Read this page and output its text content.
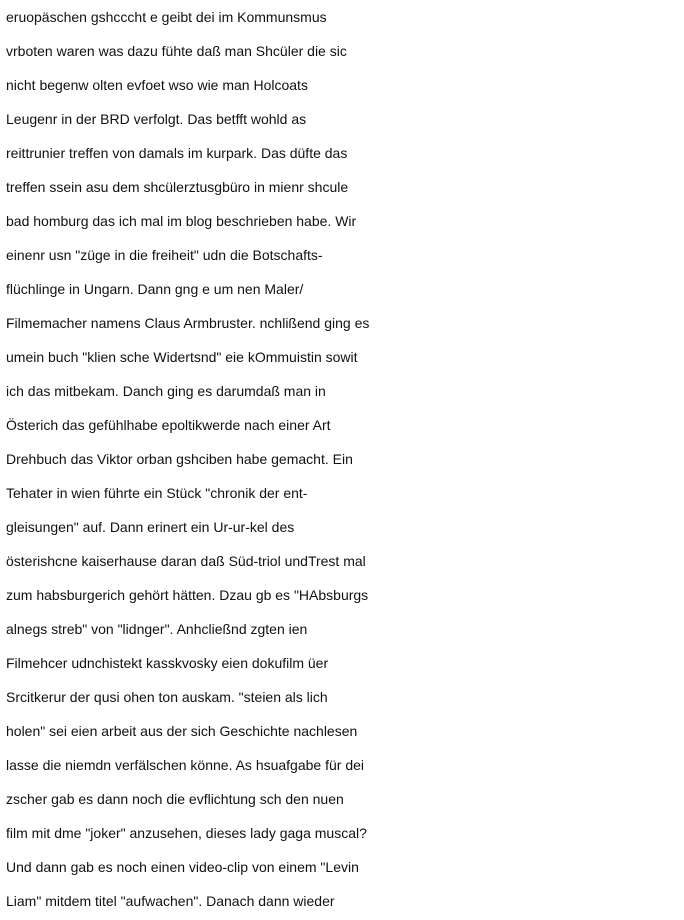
eruopäschen gshcccht e geibt dei im Kommunsmus
vrboten waren was dazu fühte daß man Shcüler die sic
nicht begenw olten evfoet wso wie man Holcoats
Leugenr in der BRD verfolgt. Das betfft wohld as
reittrunier treffen von damals im kurpark. Das düfte das
treffen ssein asu dem shcülerztusgbüro in mienr shcule
bad homburg das ich mal im blog beschrieben habe. Wir
einenr usn "züge in die freiheit" udn die Botschafts-
flüchlinge in Ungarn. Dann gng e um nen Maler/
Filmemacher namens Claus Armbruster. nchlißend ging es
umein buch "klien sche Widertsnd" eie kOmmuistin sowit
ich das mitbekam. Danch ging es darumdaß man in
Österich das gefühlhabe epoltikwerde nach einer Art
Drehbuch das Viktor orban gshciben habe gemacht. Ein
Tehater in wien führte ein Stück "chronik der ent-
gleisungen" auf. Dann erinert ein Ur-ur-kel des
österishcne kaiserhause daran daß Süd-triol undTrest mal
zum habsburgerich gehört hätten. Dzau gb es "HAbsburgs
alnegs streb" von "lidnger". Anhcließnd zgten ien
Filmehcer udnchistekt kasskvosky eien dokufilm üer
Srcitkerur der qusi ohen ton auskam. "steien als lich
holen" sei eien arbeit aus der sich Geschichte nachlesen
lasse die niemdn verfälschen könne. As hsuafgabe für dei
zscher gab es dann noch die evflichtung sch den nuen
film mit dme "joker" anzusehen, dieses lady gaga muscal?
Und dann gab es noch einen video-clip von einem "Levin
Liam" mitdem titel "aufwachen". Danach dann wieder
